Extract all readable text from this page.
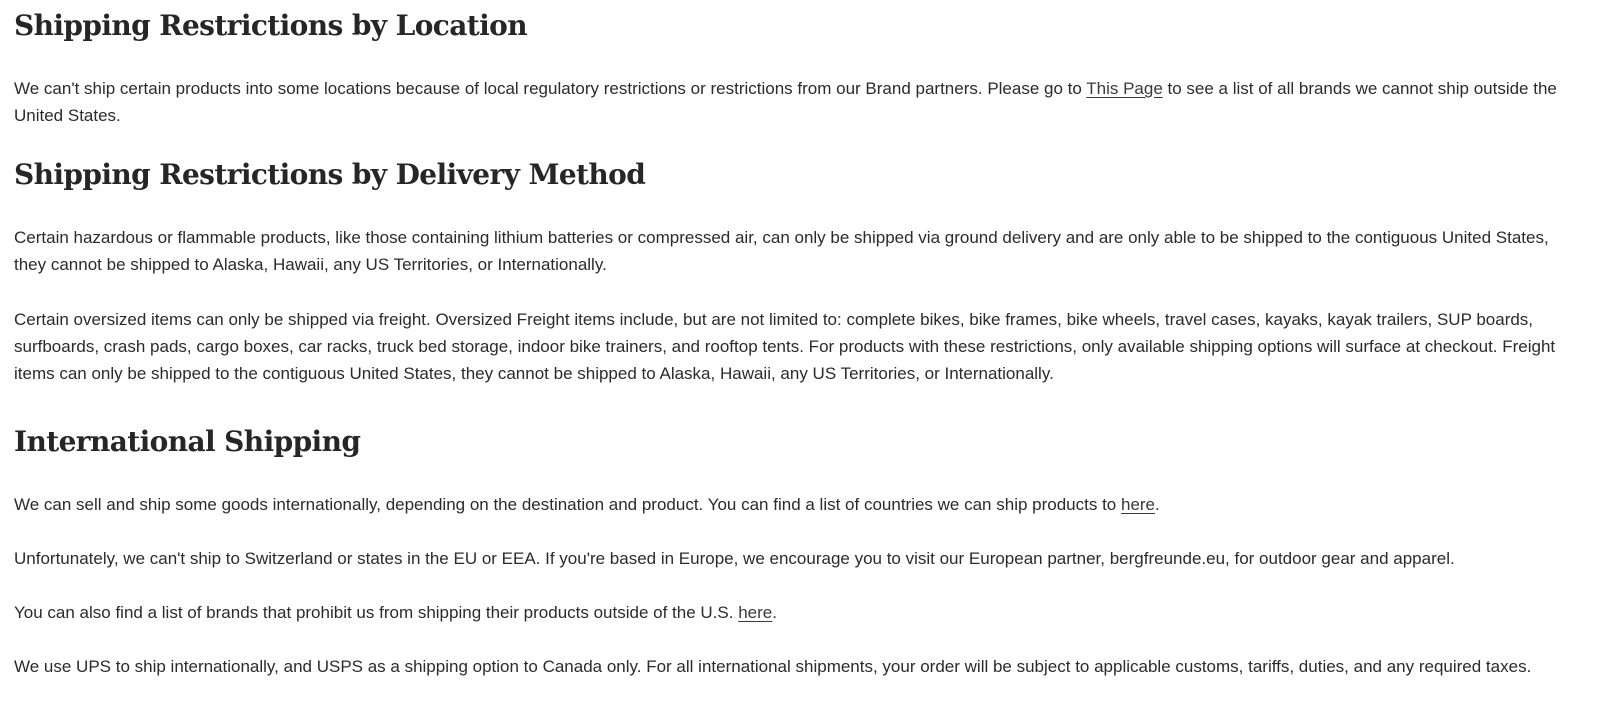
Shipping Restrictions by Location

We can't ship certain products into some locations because of local regulatory restrictions or restrictions from our Brand partners. Please go to This Page to see a list of all brands we cannot ship outside the United States.

Shipping Restrictions by Delivery Method

Certain hazardous or flammable products, like those containing lithium batteries or compressed air, can only be shipped via ground delivery and are only able to be shipped to the contiguous United States, they cannot be shipped to Alaska, Hawaii, any US Territories, or Internationally.

Certain oversized items can only be shipped via freight. Oversized Freight items include, but are not limited to: complete bikes, bike frames, bike wheels, travel cases, kayaks, kayak trailers, SUP boards, surfboards, crash pads, cargo boxes, car racks, truck bed storage, indoor bike trainers, and rooftop tents. For products with these restrictions, only available shipping options will surface at checkout. Freight items can only be shipped to the contiguous United States, they cannot be shipped to Alaska, Hawaii, any US Territories, or Internationally.

International Shipping

We can sell and ship some goods internationally, depending on the destination and product. You can find a list of countries we can ship products to here.

Unfortunately, we can't ship to Switzerland or states in the EU or EEA. If you're based in Europe, we encourage you to visit our European partner, bergfreunde.eu, for outdoor gear and apparel.

You can also find a list of brands that prohibit us from shipping their products outside of the U.S. here.

We use UPS to ship internationally, and USPS as a shipping option to Canada only. For all international shipments, your order will be subject to applicable customs, tariffs, duties, and any required taxes.
